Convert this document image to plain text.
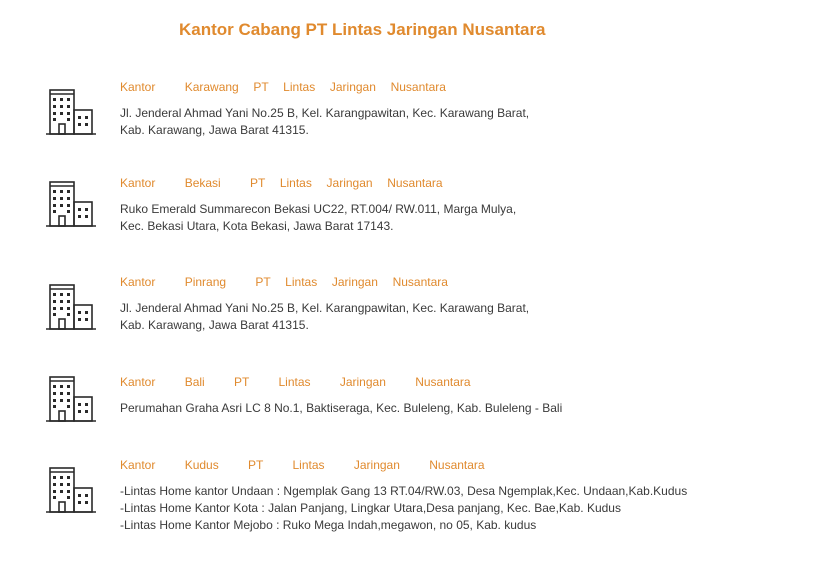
Kantor Cabang PT Lintas Jaringan Nusantara
Kantor    Karawang  PT  Lintas  Jaringan  Nusantara
Jl. Jenderal Ahmad Yani No.25 B, Kel. Karangpawitan, Kec. Karawang Barat,
Kab. Karawang, Jawa Barat 41315.
Kantor    Bekasi    PT  Lintas  Jaringan  Nusantara
Ruko Emerald Summarecon Bekasi UC22, RT.004/ RW.011, Marga Mulya,
Kec. Bekasi Utara, Kota Bekasi, Jawa Barat 17143.
Kantor    Pinrang    PT  Lintas  Jaringan  Nusantara
Jl. Jenderal Ahmad Yani No.25 B, Kel. Karangpawitan, Kec. Karawang Barat,
Kab. Karawang, Jawa Barat 41315.
Kantor    Bali    PT    Lintas    Jaringan    Nusantara
Perumahan Graha Asri LC 8 No.1, Baktiseraga, Kec. Buleleng, Kab. Buleleng - Bali
Kantor    Kudus    PT    Lintas    Jaringan    Nusantara
-Lintas Home kantor Undaan : Ngemplak Gang 13 RT.04/RW.03, Desa Ngemplak,Kec. Undaan,Kab.Kudus
-Lintas Home Kantor Kota : Jalan Panjang, Lingkar Utara,Desa panjang, Kec. Bae,Kab. Kudus
-Lintas Home Kantor Mejobo : Ruko Mega Indah,megawon, no 05, Kab. kudus
